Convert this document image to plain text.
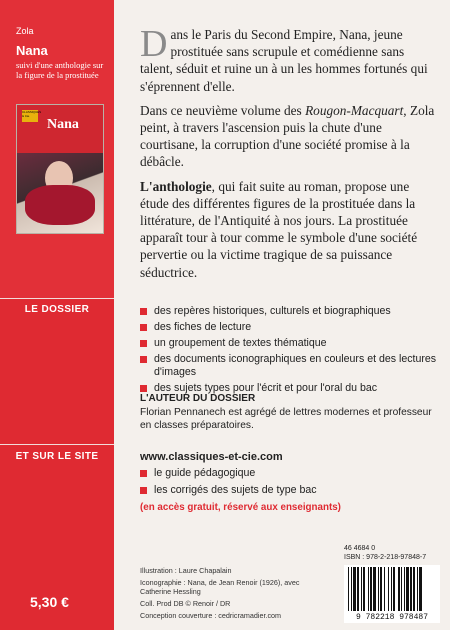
Zola
Nana
suivi d'une anthologie sur la figure de la prostituée
CLASSIQUES & Cie
Nana
LE DOSSIER
ET SUR LE SITE
5,30 €

Dans le Paris du Second Empire, Nana, jeune prostituée sans scrupule et comédienne sans talent, séduit et ruine un à un les hommes fortunés qui s'éprennent d'elle.

Dans ce neuvième volume des Rougon-Macquart, Zola peint, à travers l'ascension puis la chute d'une courtisane, la corruption d'une société promise à la débâcle.

L'anthologie, qui fait suite au roman, propose une étude des différentes figures de la prostituée dans la littérature, de l'Antiquité à nos jours. La prostituée apparaît tour à tour comme le symbole d'une société pervertie ou la victime tragique de sa puissance séductrice.

des repères historiques, culturels et biographiques
des fiches de lecture
un groupement de textes thématique
des documents iconographiques en couleurs et des lectures d'images
des sujets types pour l'écrit et pour l'oral du bac
L'AUTEUR DU DOSSIER
Florian Pennanech est agrégé de lettres modernes et professeur en classes préparatoires.
www.classiques-et-cie.com
le guide pédagogique
les corrigés des sujets de type bac
(en accès gratuit, réservé aux enseignants)
Illustration : Laure Chapalain
Iconographie : Nana, de Jean Renoir (1926), avec Catherine Hessling
Coll. Prod DB © Renoir / DR
Conception couverture : cedricramadier.com
46 4684 0
ISBN : 978-2-218-97848-7
9 782218 978487
